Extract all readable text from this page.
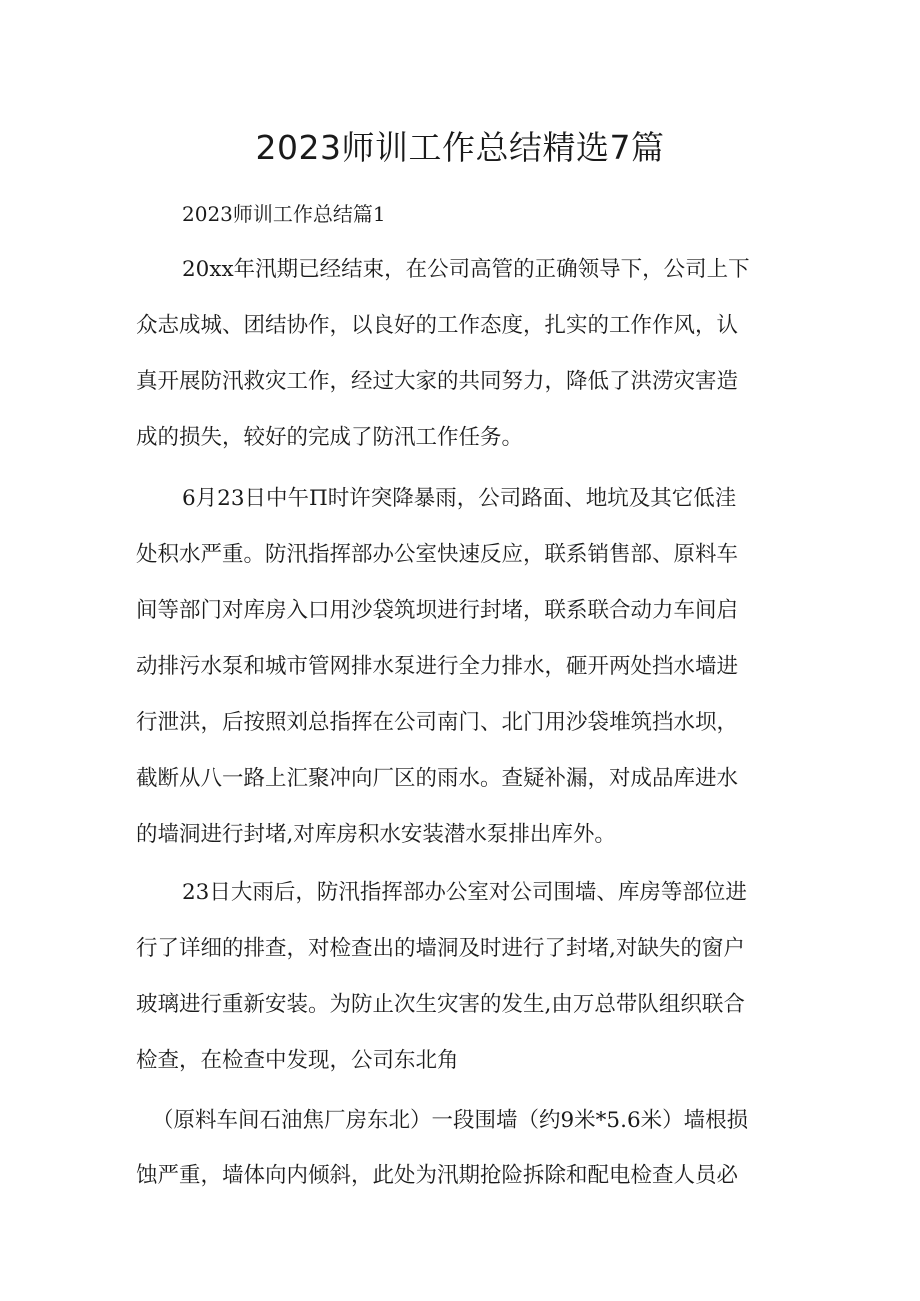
2023师训工作总结精选7篇

2023师训工作总结篇1

20xx年汛期已经结束，在公司高管的正确领导下，公司上下

众志成城、团结协作，以良好的工作态度，扎实的工作作风，认

真开展防汛救灾工作，经过大家的共同努力，降低了洪涝灾害造

成的损失，较好的完成了防汛工作任务。

6月23日中午Π时许突降暴雨，公司路面、地坑及其它低洼

处积水严重。防汛指挥部办公室快速反应，联系销售部、原料车

间等部门对库房入口用沙袋筑坝进行封堵，联系联合动力车间启

动排污水泵和城市管网排水泵进行全力排水，砸开两处挡水墙进

行泄洪，后按照刘总指挥在公司南门、北门用沙袋堆筑挡水坝，

截断从八一路上汇聚冲向厂区的雨水。查疑补漏，对成品库进水

的墙洞进行封堵,对库房积水安装潜水泵排出库外。

23日大雨后，防汛指挥部办公室对公司围墙、库房等部位进

行了详细的排查，对检查出的墙洞及时进行了封堵,对缺失的窗户

玻璃进行重新安装。为防止次生灾害的发生,由万总带队组织联合

检查，在检查中发现，公司东北角

（原料车间石油焦厂房东北）一段围墙（约9米*5.6米）墙根损

蚀严重，墙体向内倾斜，此处为汛期抢险拆除和配电检查人员必
